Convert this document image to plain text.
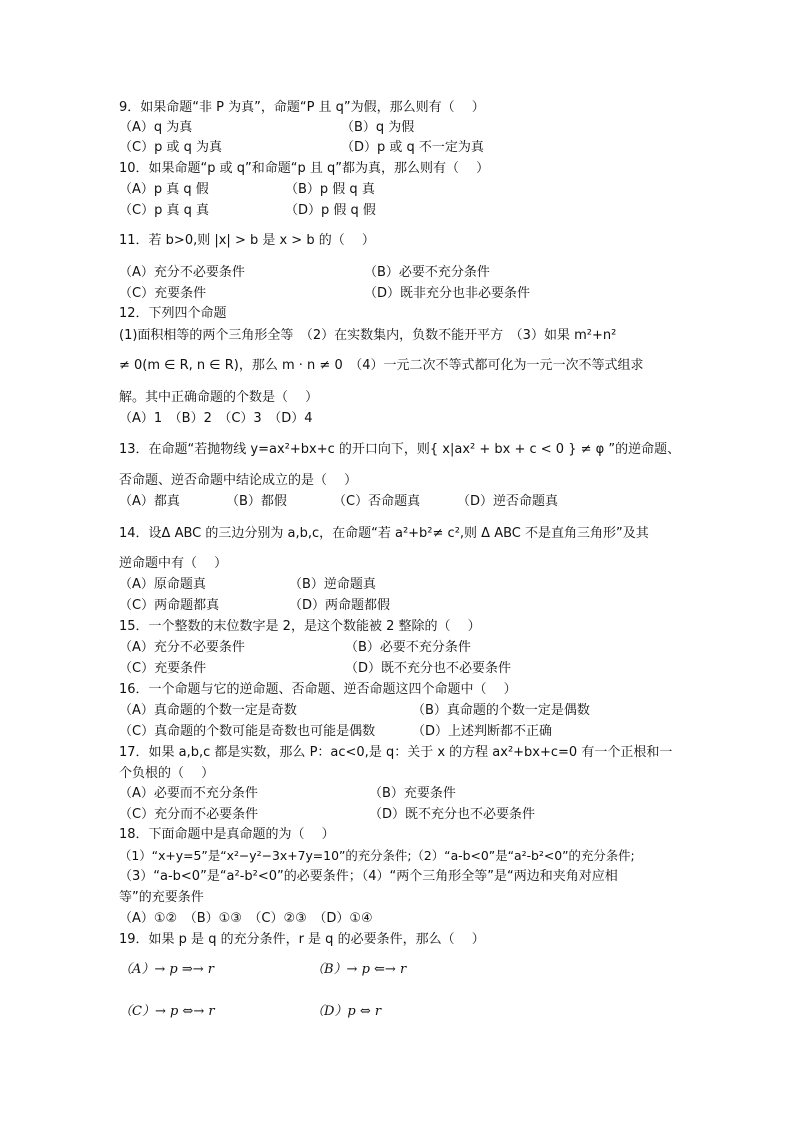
9．如果命题“非 P 为真”，命题“P 且 q”为假，那么则有（　 ）

（A）q 为真

	（B）q 为假

（C）p 或 q 为真

	（D）p 或 q 不一定为真

10．如果命题“p 或 q”和命题“p 且 q”都为真，那么则有（　 ）

（A）p 真 q 假

	（B）p 假 q 真

（C）p 真 q 真

	（D）p 假 q 假

11．若 b>0,则 |x| > b 是 x > b 的（　 ）

（A）充分不必要条件

	（B）必要不充分条件

（C）充要条件

	（D）既非充分也非必要条件

12．下列四个命题
(1)面积相等的两个三角形全等　（2）在实数集内，负数不能开平方　（3）如果 m²+n²
≠ 0(m ∈ R, n ∈ R)，那么 m · n ≠ 0　（4）一元二次不等式都可化为一元一次不等式组求
解。其中正确命题的个数是（　 ）
（A）1　（B）2　（C）3　（D）4
13．在命题“若抛物线 y=ax²+bx+c 的开口向下，则{ x|ax² + bx + c < 0 } ≠ φ ”的逆命题、
否命题、逆否命题中结论成立的是（　 ）

（A）都真

	（B）都假

	（C）否命题真

	（D）逆否命题真

14．设Δ ABC 的三边分别为 a,b,c，在命题“若 a²+b²≠ c²,则 Δ ABC 不是直角三角形”及其
逆命题中有（　 ）

（A）原命题真

	（B）逆命题真

（C）两命题都真

	（D）两命题都假

15．一个整数的末位数字是 2，是这个数能被 2 整除的（　 ）

（A）充分不必要条件

	（B）必要不充分条件

（C）充要条件

	（D）既不充分也不必要条件

16．一个命题与它的逆命题、否命题、逆否命题这四个命题中（　 ）

（A）真命题的个数一定是奇数

	（B）真命题的个数一定是偶数

（C）真命题的个数可能是奇数也可能是偶数

	（D）上述判断都不正确

17．如果 a,b,c 都是实数，那么 P：ac<0,是 q：关于 x 的方程 ax²+bx+c=0 有一个正根和一
个负根的（　 ）

（A）必要而不充分条件

	（B）充要条件

（C）充分而不必要条件

	（D）既不充分也不必要条件

18．下面命题中是真命题的为（　 ）
（1）“x+y=5”是“x²−y²−3x+7y=10”的充分条件;（2）“a-b<0”是“a²-b²<0”的充分条件;
（3）“a-b<0”是“a²-b²<0”的必要条件；（4）“两个三角形全等”是“两边和夹角对应相
等”的充要条件
（A）①②　（B）①③　（C）②③　（D）①④
19．如果 p 是 q 的充分条件，r 是 q 的必要条件，那么（　 ）

（A）→ p ⇒→ r

	（B）→ p ⇐→ r

（C）→ p ⇔→ r

	（D）p ⇔ r
